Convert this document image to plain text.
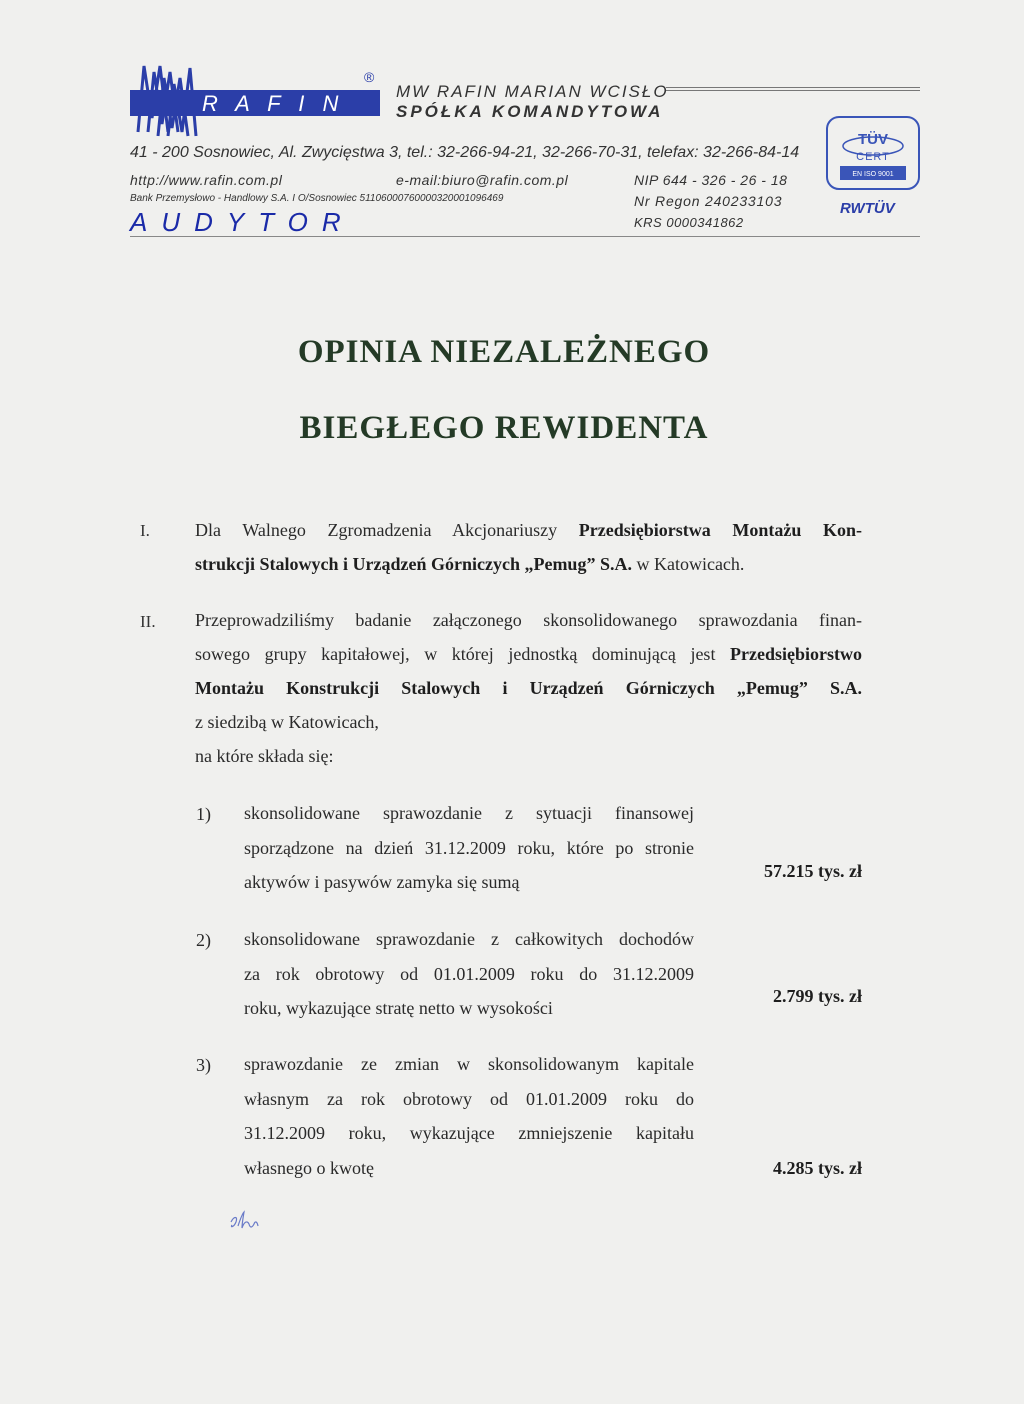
R A F I N
®
MW RAFIN MARIAN WCISŁO
SPÓŁKA KOMANDYTOWA

41 - 200 Sosnowiec, Al. Zwycięstwa 3, tel.: 32-266-94-21, 32-266-70-31, telefax: 32-266-84-14

http://www.rafin.com.pl	e-mail:biuro@rafin.com.pl	NIP 644 - 326 - 26 - 18

Bank Przemysłowo - Handlowy S.A. I O/Sosnowiec 51106000760000320001096469	Nr Regon 240233103

KRS 0000341862

AUDYTOR

TÜV
CERT
EN ISO 9001
RWTÜV
OPINIA NIEZALEŻNEGO
BIEGŁEGO REWIDENTA
I.	Dla Walnego Zgromadzenia Akcjonariuszy Przedsiębiorstwa Montażu Kon-
strukcji Stalowych i Urządzeń Górniczych „Pemug” S.A. w Katowicach.
II. Przeprowadziliśmy badanie załączonego skonsolidowanego sprawozdania finan-
sowego grupy kapitałowej, w której jednostką dominującą jest Przedsiębiorstwo
Montażu Konstrukcji Stalowych i Urządzeń Górniczych „Pemug” S.A.
z siedzibą w Katowicach,
na które składa się:
1) skonsolidowane sprawozdanie z sytuacji finansowej
sporządzone na dzień 31.12.2009 roku, które po stronie
aktywów i pasywów zamyka się sumą
57.215 tys. zł
2) skonsolidowane sprawozdanie z całkowitych dochodów
za rok obrotowy od 01.01.2009 roku do 31.12.2009
roku, wykazujące stratę netto w wysokości
2.799 tys. zł
3) sprawozdanie ze zmian w skonsolidowanym kapitale
własnym za rok obrotowy od 01.01.2009 roku do
31.12.2009 roku, wykazujące zmniejszenie kapitału
własnego o kwotę	4.285 tys. zł
